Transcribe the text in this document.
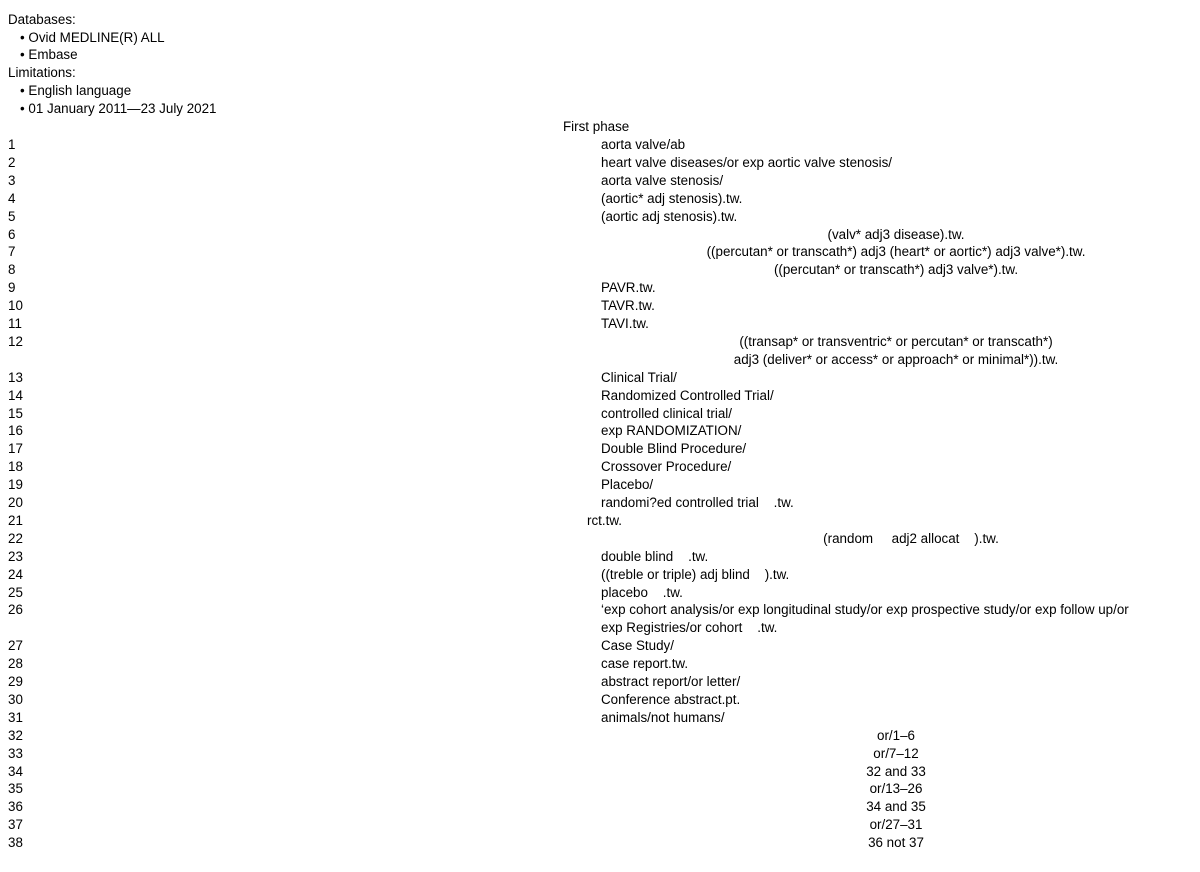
Databases:
• Ovid MEDLINE(R) ALL
• Embase
Limitations:
• English language
• 01 January 2011—23 July 2021
First phase
1	aorta valve/ab
2	heart valve diseases/or exp aortic valve stenosis/
3	aorta valve stenosis/
4	(aortic* adj stenosis).tw.
5	(aortic adj stenosis).tw.
6	(valv* adj3 disease).tw.
7	((percutan* or transcath*) adj3 (heart* or aortic*) adj3 valve*).tw.
8	((percutan* or transcath*) adj3 valve*).tw.
9	PAVR.tw.
10	TAVR.tw.
11	TAVI.tw.
12	((transap* or transventric* or percutan* or transcath*)
adj3 (deliver* or access* or approach* or minimal*)).tw.
13	Clinical Trial/
14	Randomized Controlled Trial/
15	controlled clinical trial/
16	exp RANDOMIZATION/
17	Double Blind Procedure/
18	Crossover Procedure/
19	Placebo/
20	randomi?ed controlled trial    .tw.
21	rct.tw.
22	(random     adj2 allocat    ).tw.
23	double blind    .tw.
24	((treble or triple) adj blind    ).tw.
25	placebo    .tw.
26	‘exp cohort analysis/or exp longitudinal study/or exp prospective study/or exp follow up/or
exp Registries/or cohort    .tw.
27	Case Study/
28	case report.tw.
29	abstract report/or letter/
30	Conference abstract.pt.
31	animals/not humans/
32	or/1–6
33	or/7–12
34	32 and 33
35	or/13–26
36	34 and 35
37	or/27–31
38	36 not 37
